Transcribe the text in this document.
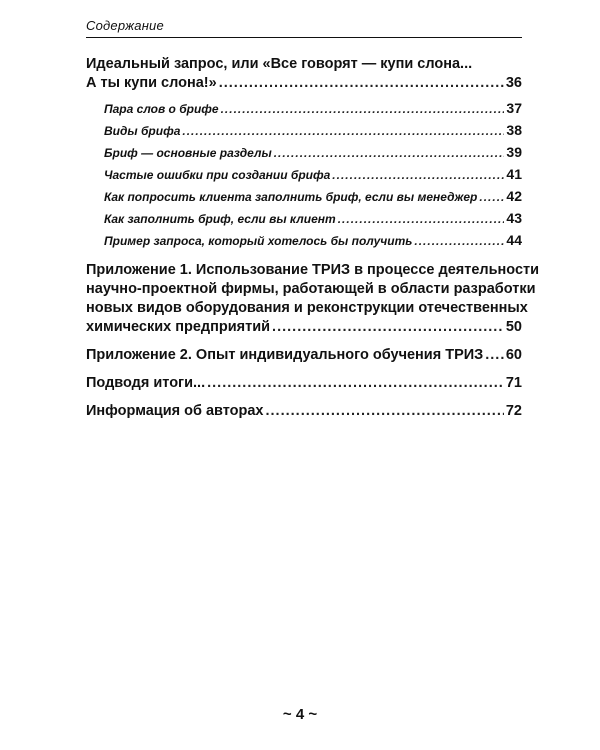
Содержание
Идеальный запрос, или «Все говорят — купи слона...
А ты купи слона!» .....	36
Пара слов о брифе .....	37
Виды брифа .....	38
Бриф — основные разделы .....	39
Частые ошибки при создании брифа .....	41
Как попросить клиента заполнить бриф, если вы менеджер ..... 42
Как заполнить бриф, если вы клиент .....	43
Пример запроса, который хотелось бы получить .....	44
Приложение 1. Использование ТРИЗ в процессе деятельности
научно-проектной фирмы, работающей в области разработки
новых видов оборудования и реконструкции отечественных
химических предприятий .....	50
Приложение 2. Опыт индивидуального обучения ТРИЗ ..... 60
Подводя итоги... .....	71
Информация об авторах .....	72
~ 4 ~
